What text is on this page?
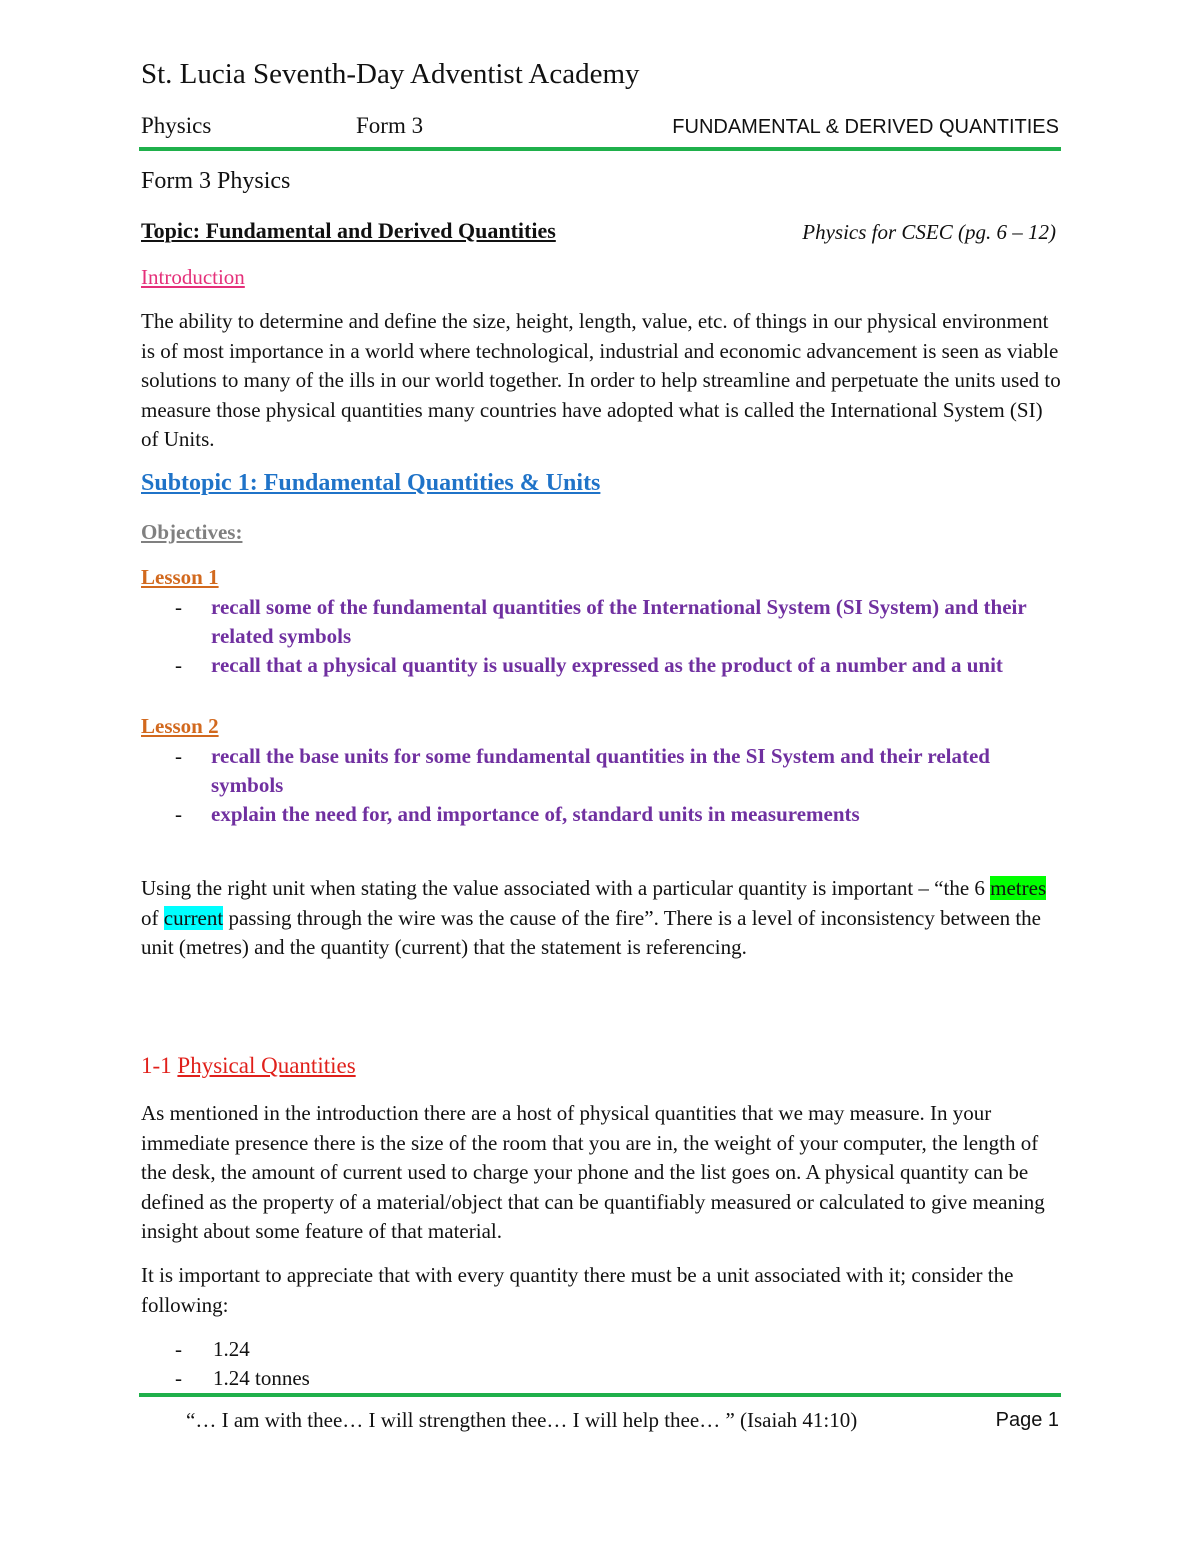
St. Lucia Seventh-Day Adventist Academy
Physics	Form 3	FUNDAMENTAL & DERIVED QUANTITIES
Form 3 Physics
Topic: Fundamental and Derived Quantities	Physics for CSEC (pg. 6 – 12)
Introduction
The ability to determine and define the size, height, length, value, etc. of things in our physical environment is of most importance in a world where technological, industrial and economic advancement is seen as viable solutions to many of the ills in our world together. In order to help streamline and perpetuate the units used to measure those physical quantities many countries have adopted what is called the International System (SI) of Units.
Subtopic 1: Fundamental Quantities & Units
Objectives:
Lesson 1
- recall some of the fundamental quantities of the International System (SI System) and their related symbols
- recall that a physical quantity is usually expressed as the product of a number and a unit
Lesson 2
- recall the base units for some fundamental quantities in the SI System and their related symbols
- explain the need for, and importance of, standard units in measurements
Using the right unit when stating the value associated with a particular quantity is important – “the 6 metres of current passing through the wire was the cause of the fire”. There is a level of inconsistency between the unit (metres) and the quantity (current) that the statement is referencing.
1-1 Physical Quantities
As mentioned in the introduction there are a host of physical quantities that we may measure. In your immediate presence there is the size of the room that you are in, the weight of your computer, the length of the desk, the amount of current used to charge your phone and the list goes on. A physical quantity can be defined as the property of a material/object that can be quantifiably measured or calculated to give meaning insight about some feature of that material.
It is important to appreciate that with every quantity there must be a unit associated with it; consider the following:
- 1.24
- 1.24 tonnes
“… I am with thee… I will strengthen thee… I will help thee… ” (Isaiah 41:10)	Page 1
